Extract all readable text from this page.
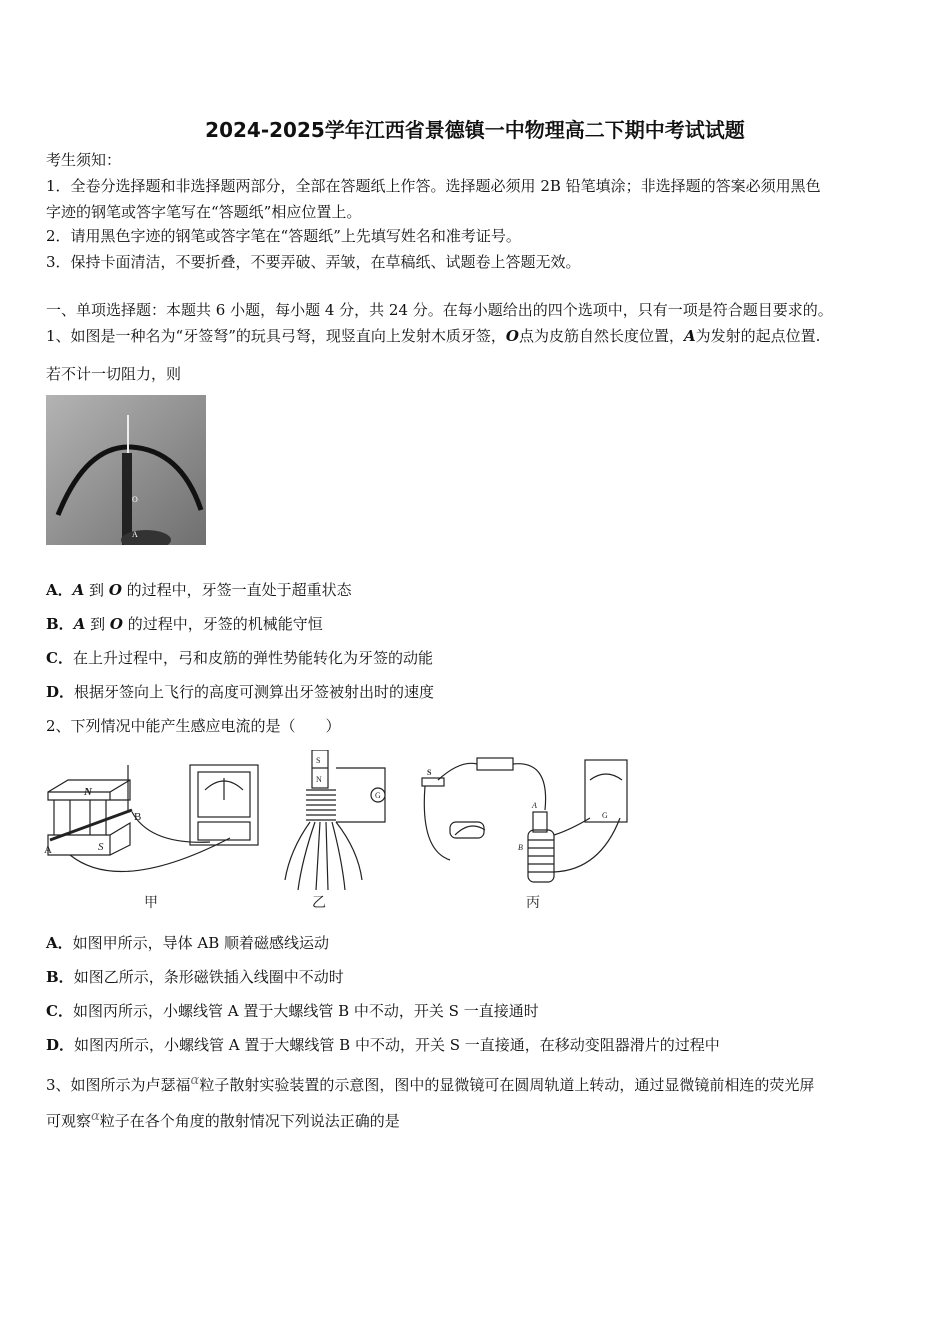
2024-2025学年江西省景德镇一中物理高二下期中考试试题
考生须知：
1．全卷分选择题和非选择题两部分，全部在答题纸上作答。选择题必须用 2B 铅笔填涂；非选择题的答案必须用黑色
字迹的钢笔或答字笔写在“答题纸”相应位置上。
2．请用黑色字迹的钢笔或答字笔在“答题纸”上先填写姓名和准考证号。
3．保持卡面清洁，不要折叠，不要弄破、弄皱，在草稿纸、试题卷上答题无效。
一、单项选择题：本题共 6 小题，每小题 4 分，共 24 分。在每小题给出的四个选项中，只有一项是符合题目要求的。
1、如图是一种名为“牙签弩”的玩具弓弩，现竖直向上发射木质牙签，O点为皮筋自然长度位置，A为发射的起点位置.
若不计一切阻力，则
O
A
A．A 到 O 的过程中，牙签一直处于超重状态
B．A 到 O 的过程中，牙签的机械能守恒
C．在上升过程中，弓和皮筋的弹性势能转化为牙签的动能
D．根据牙签向上飞行的高度可测算出牙签被射出时的速度
2、下列情况中能产生感应电流的是（　　）
N
S
A
B
S
N
G
S
A
B
G
甲	乙	丙
A．如图甲所示，导体 AB 顺着磁感线运动
B．如图乙所示，条形磁铁插入线圈中不动时
C．如图丙所示，小螺线管 A 置于大螺线管 B 中不动，开关 S 一直接通时
D．如图丙所示，小螺线管 A 置于大螺线管 B 中不动，开关 S 一直接通，在移动变阻器滑片的过程中
3、如图所示为卢瑟福α粒子散射实验装置的示意图，图中的显微镜可在圆周轨道上转动，通过显微镜前相连的荧光屏
可观察α粒子在各个角度的散射情况下列说法正确的是
